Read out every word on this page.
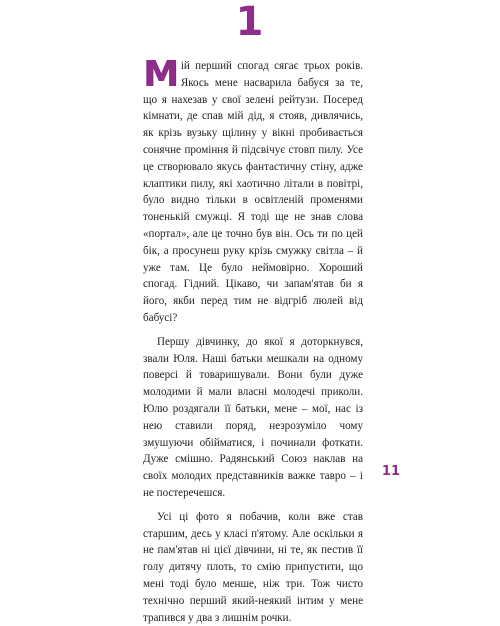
1

Мій перший спогад сягає трьох років. Якось мене насварила бабуся за те, що я нахезав у свої зелені рейтузи. Посеред кімнати, де спав мій дід, я стояв, дивлячись, як крізь вузьку щілину у вікні пробивається сонячне проміння й підсвічує стовп пилу. Усе це створювало якусь фантастичну стіну, адже клаптики пилу, які хаотично літали в повітрі, було видно тільки в освітленій променями тоненькій смужці. Я тоді ще не знав слова «портал», але це точно був він. Ось ти по цей бік, а просунеш руку крізь смужку світла – й уже там. Це було неймовірно. Хороший спогад. Гідний. Цікаво, чи запам'ятав би я його, якби перед тим не відгріб люлей від бабусі?

Першу дівчинку, до якої я доторкнувся, звали Юля. Наші батьки мешкали на одному поверсі й товаришували. Вони були дуже молодими й мали власні молодечі приколи. Юлю роздягали її батьки, мене – мої, нас із нею ставили поряд, незрозуміло чому змушуючи обійматися, і починали фоткати. Дуже смішно. Радянський Союз наклав на своїх молодих представників важке тавро – і не постеречешся.

Усі ці фото я побачив, коли вже став старшим, десь у класі п'ятому. Але оскільки я не пам'ятав ні цієї дівчини, ні те, як пестив її голу дитячу плоть, то смію припустити, що мені тоді було менше, ніж три. Тож чисто технічно перший який-неякий інтим у мене трапився у два з лишнім рочки.

11
